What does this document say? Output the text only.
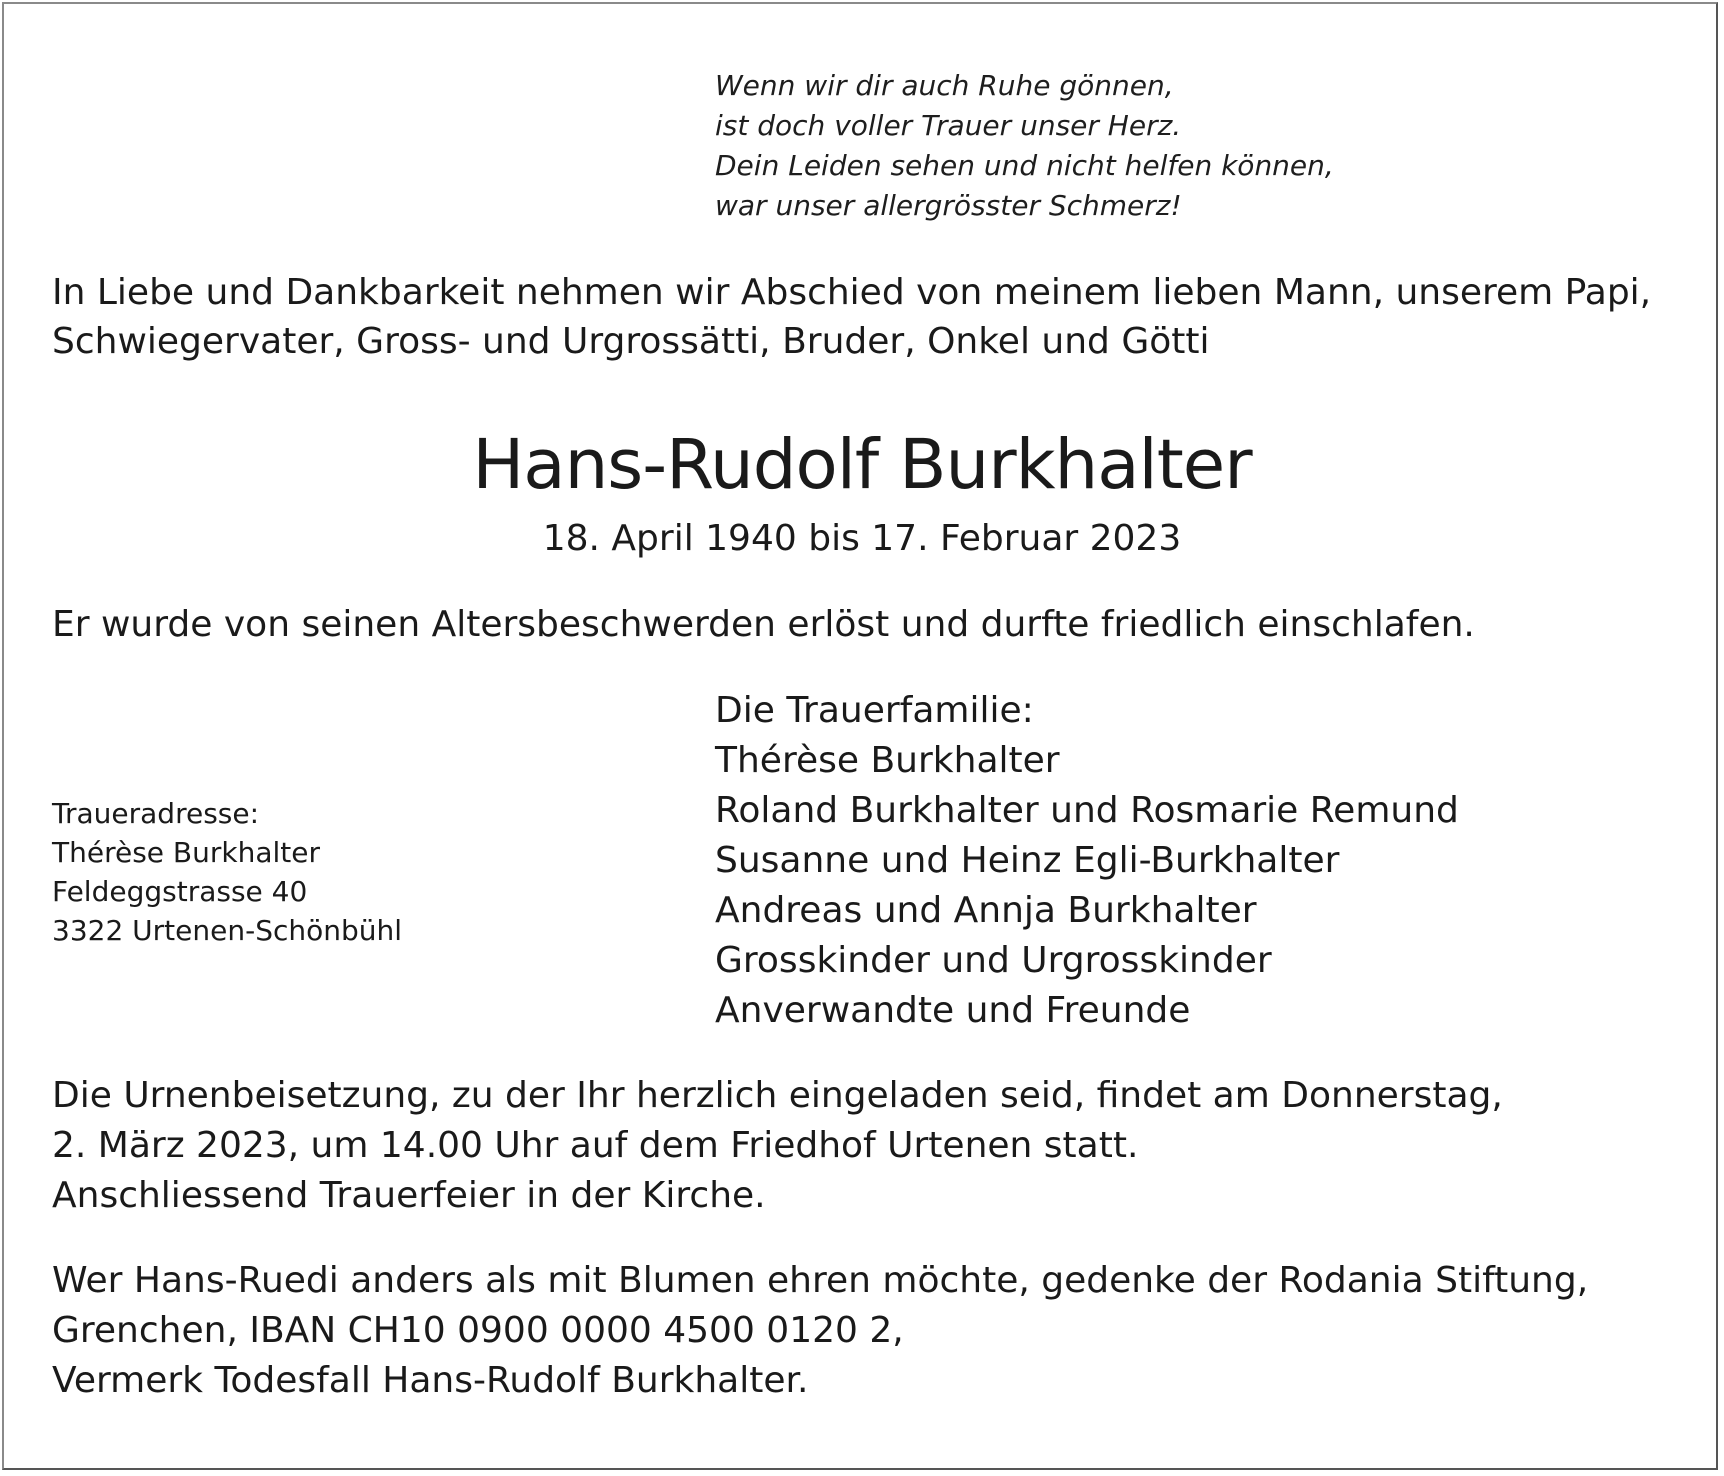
Wenn wir dir auch Ruhe gönnen,
ist doch voller Trauer unser Herz.
Dein Leiden sehen und nicht helfen können,
war unser allergrösster Schmerz!
In Liebe und Dankbarkeit nehmen wir Abschied von meinem lieben Mann, unserem Papi,
Schwiegervater, Gross- und Urgrossätti, Bruder, Onkel und Götti
Hans-Rudolf Burkhalter
18. April 1940 bis 17. Februar 2023
Er wurde von seinen Altersbeschwerden erlöst und durfte friedlich einschlafen.
Traueradresse:
Thérèse Burkhalter
Feldeggstrasse 40
3322 Urtenen-Schönbühl
Die Trauerfamilie:
Thérèse Burkhalter
Roland Burkhalter und Rosmarie Remund
Susanne und Heinz Egli-Burkhalter
Andreas und Annja Burkhalter
Grosskinder und Urgrosskinder
Anverwandte und Freunde
Die Urnenbeisetzung, zu der Ihr herzlich eingeladen seid, findet am Donnerstag,
2. März 2023, um 14.00 Uhr auf dem Friedhof Urtenen statt.
Anschliessend Trauerfeier in der Kirche.
Wer Hans-Ruedi anders als mit Blumen ehren möchte, gedenke der Rodania Stiftung,
Grenchen, IBAN CH10 0900 0000 4500 0120 2,
Vermerk Todesfall Hans-Rudolf Burkhalter.
